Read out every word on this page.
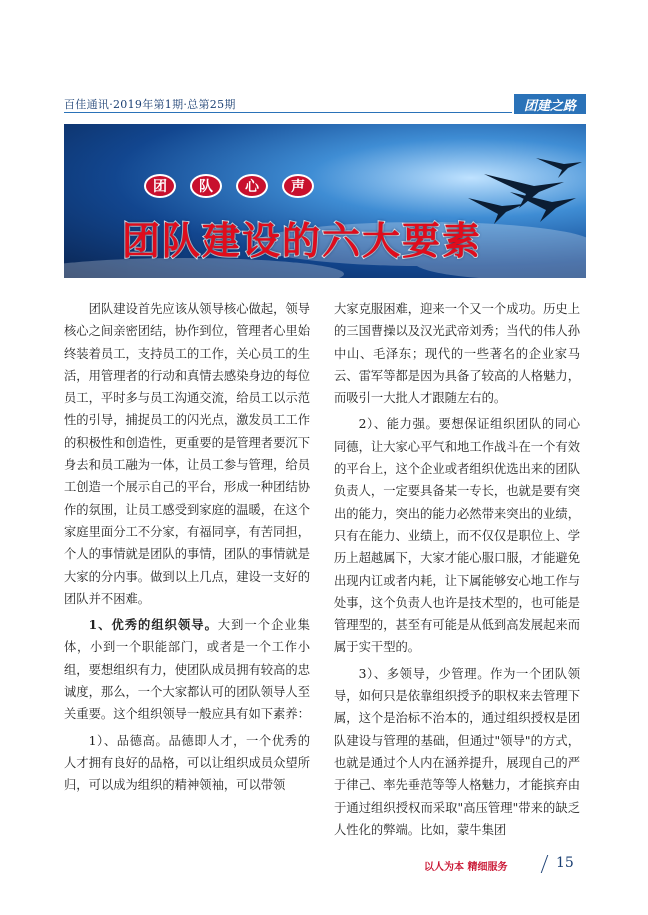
百佳通讯·2019年第1期·总第25期	团建之路
团	队	心	声
团队建设的六大要素

团队建设首先应该从领导核心做起，领导核心之间亲密团结，协作到位，管理者心里始终装着员工，支持员工的工作，关心员工的生活，用管理者的行动和真情去感染身边的每位员工，平时多与员工沟通交流，给员工以示范性的引导，捕捉员工的闪光点，激发员工工作的积极性和创造性，更重要的是管理者要沉下身去和员工融为一体，让员工参与管理，给员工创造一个展示自己的平台，形成一种团结协作的氛围，让员工感受到家庭的温暖，在这个家庭里面分工不分家，有福同享，有苦同担，个人的事情就是团队的事情，团队的事情就是大家的分内事。做到以上几点，建设一支好的团队并不困难。

1、优秀的组织领导。大到一个企业集体，小到一个职能部门，或者是一个工作小组，要想组织有力，使团队成员拥有较高的忠诚度，那么，一个大家都认可的团队领导人至关重要。这个组织领导一般应具有如下素养：

1）、品德高。品德即人才，一个优秀的人才拥有良好的品格，可以让组织成员众望所归，可以成为组织的精神领袖，可以带领

大家克服困难，迎来一个又一个成功。历史上的三国曹操以及汉光武帝刘秀；当代的伟人孙中山、毛泽东；现代的一些著名的企业家马云、雷军等都是因为具备了较高的人格魅力，而吸引一大批人才跟随左右的。

2）、能力强。要想保证组织团队的同心同德，让大家心平气和地工作战斗在一个有效的平台上，这个企业或者组织优选出来的团队负责人，一定要具备某一专长，也就是要有突出的能力，突出的能力必然带来突出的业绩，只有在能力、业绩上，而不仅仅是职位上、学历上超越属下，大家才能心服口服，才能避免出现内讧或者内耗，让下属能够安心地工作与处事，这个负责人也许是技术型的，也可能是管理型的，甚至有可能是从低到高发展起来而属于实干型的。

3）、多领导，少管理。作为一个团队领导，如何只是依靠组织授予的职权来去管理下属，这个是治标不治本的，通过组织授权是团队建设与管理的基础，但通过"领导"的方式，也就是通过个人内在涵养提升，展现自己的严于律己、率先垂范等等人格魅力，才能摈弃由于通过组织授权而采取"高压管理"带来的缺乏人性化的弊端。比如，蒙牛集团

以人为本 精细服务	15
